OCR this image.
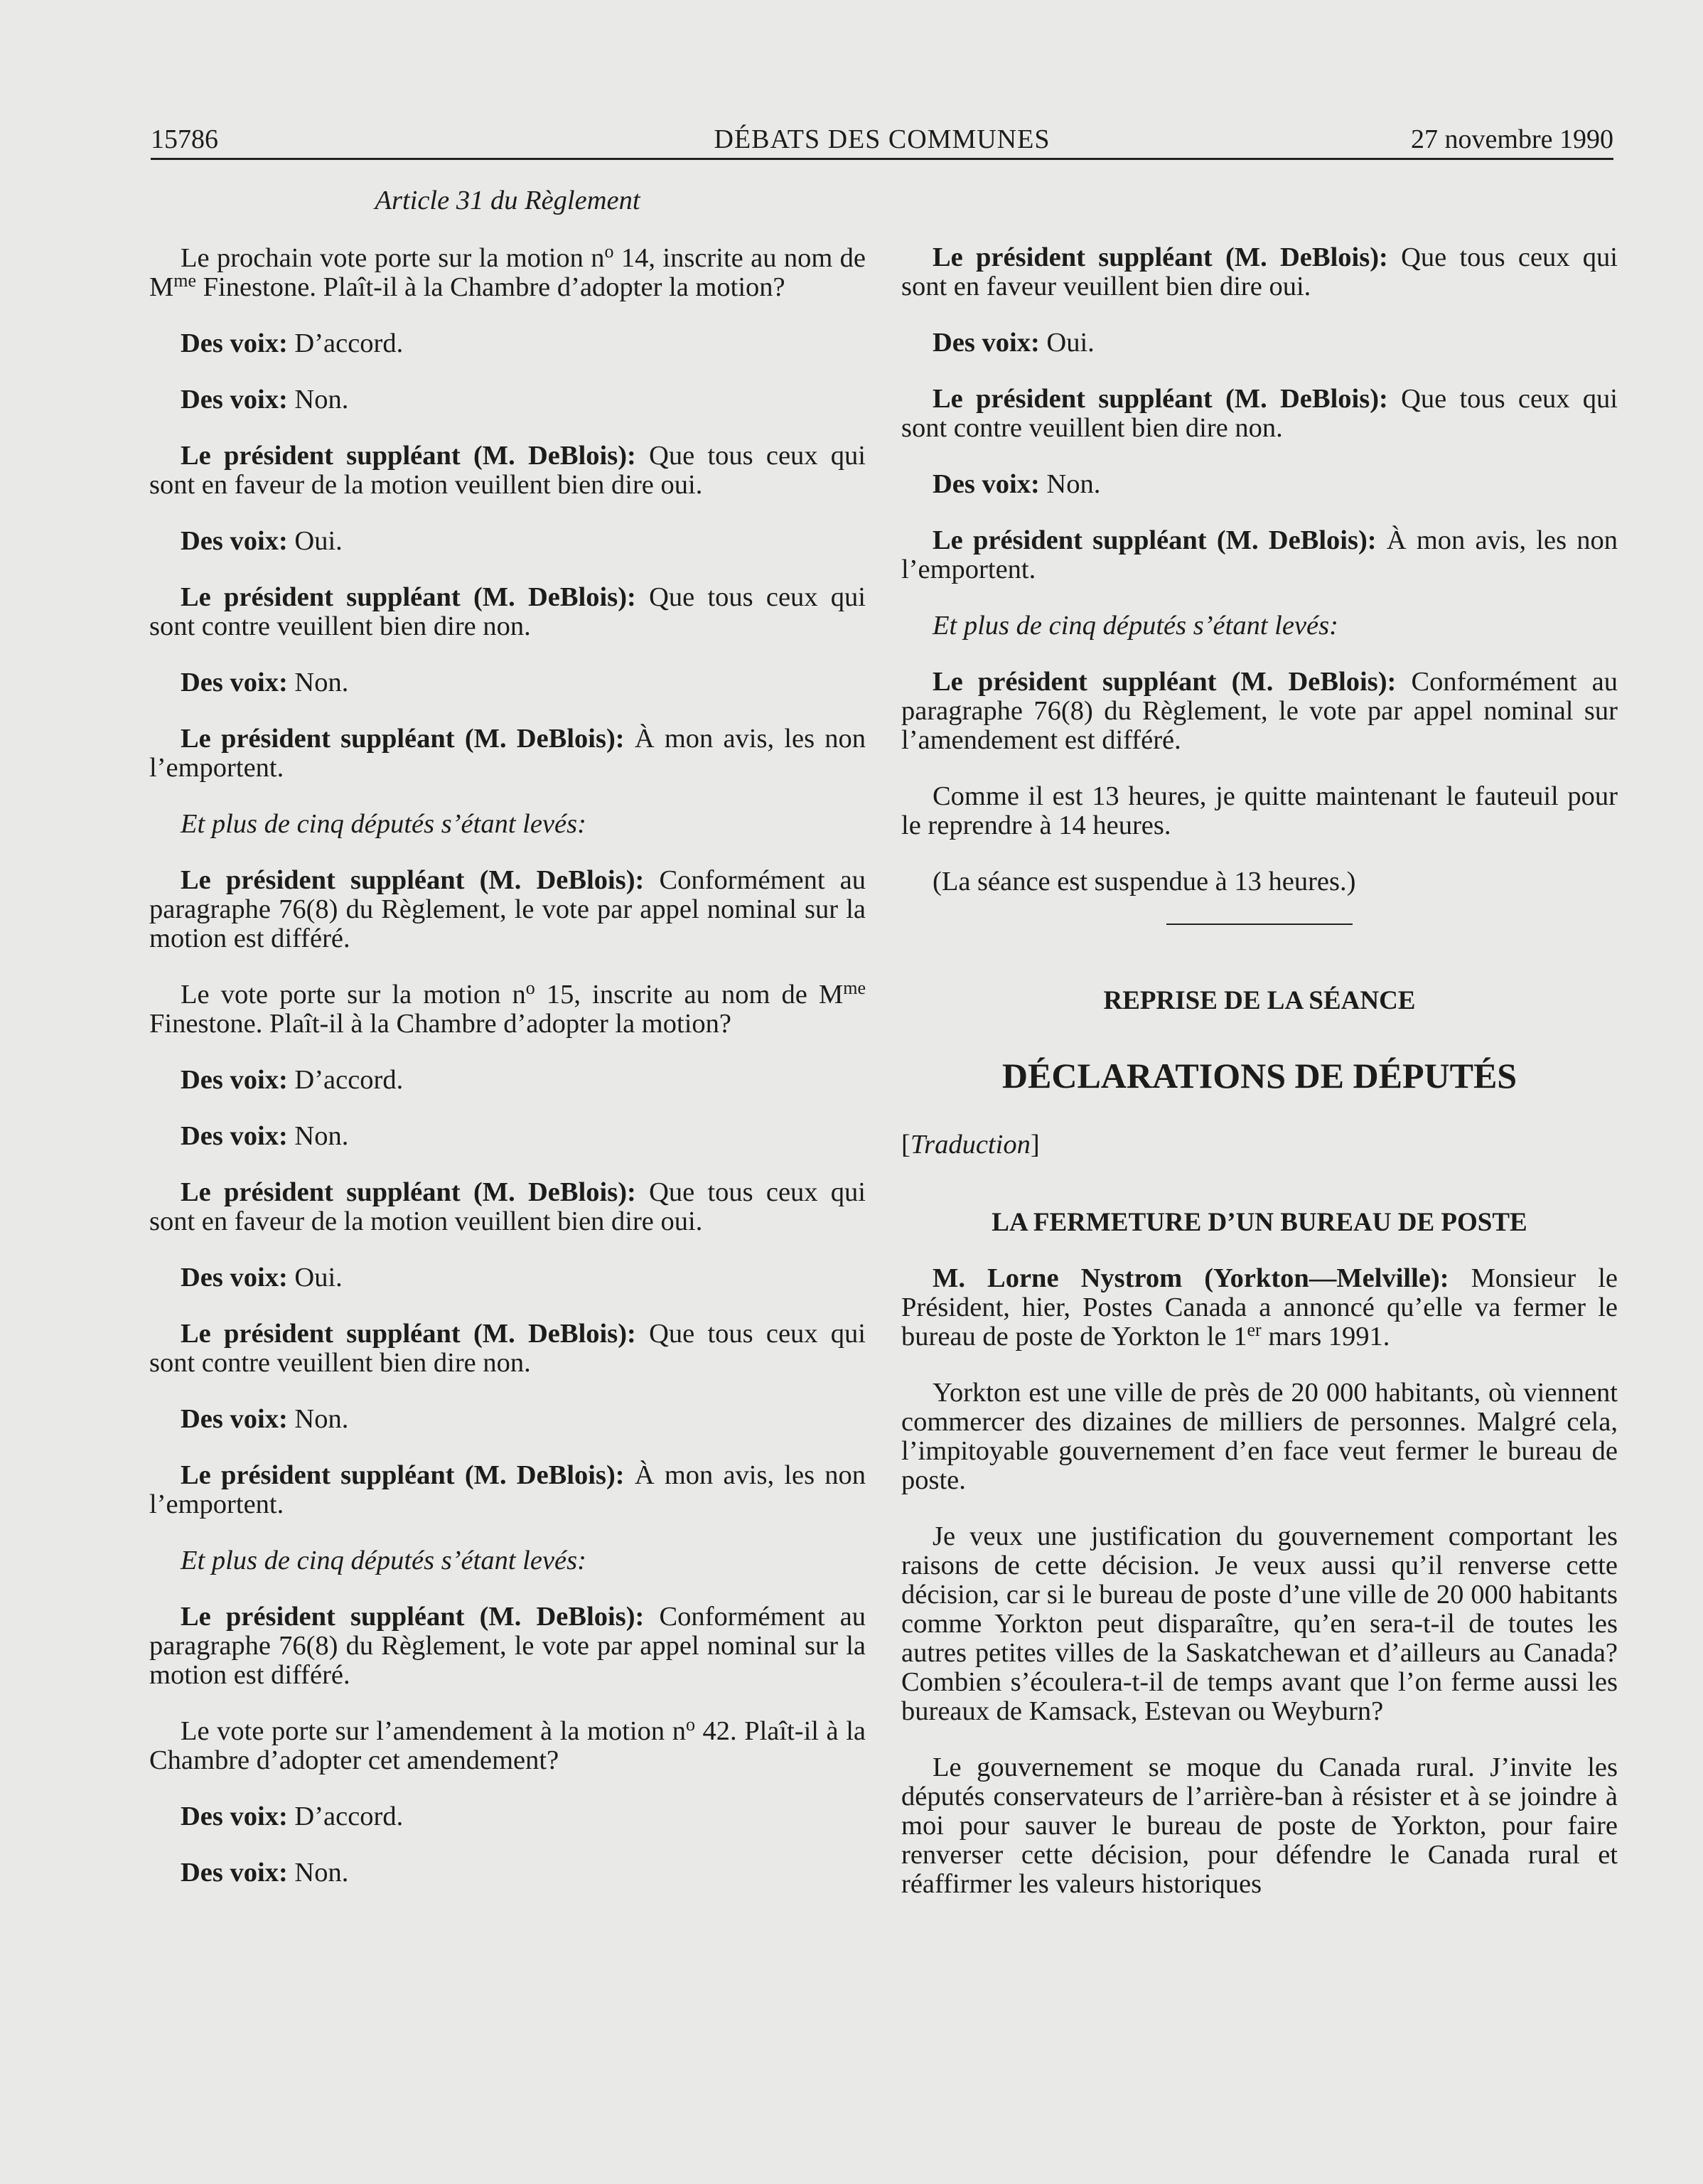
15786	DÉBATS DES COMMUNES	27 novembre 1990

Article 31 du Règlement

Le prochain vote porte sur la motion $n^o$ 14, inscrite au nom de $M^{me}$ Finestone. Plaît-il à la Chambre d’adopter la motion?

Des voix: D’accord.

Des voix: Non.

Le président suppléant (M. DeBlois): Que tous ceux qui sont en faveur de la motion veuillent bien dire oui.

Des voix: Oui.

Le président suppléant (M. DeBlois): Que tous ceux qui sont contre veuillent bien dire non.

Des voix: Non.

Le président suppléant (M. DeBlois): À mon avis, les non l’emportent.

Et plus de cinq députés s’étant levés:

Le président suppléant (M. DeBlois): Conformément au paragraphe 76(8) du Règlement, le vote par appel nominal sur la motion est différé.

Le vote porte sur la motion $n^o$ 15, inscrite au nom de $M^{me}$ Finestone. Plaît-il à la Chambre d’adopter la motion?

Des voix: D’accord.

Des voix: Non.

Le président suppléant (M. DeBlois): Que tous ceux qui sont en faveur de la motion veuillent bien dire oui.

Des voix: Oui.

Le président suppléant (M. DeBlois): Que tous ceux qui sont contre veuillent bien dire non.

Des voix: Non.

Le président suppléant (M. DeBlois): À mon avis, les non l’emportent.

Et plus de cinq députés s’étant levés:

Le président suppléant (M. DeBlois): Conformément au paragraphe 76(8) du Règlement, le vote par appel nominal sur la motion est différé.

Le vote porte sur l’amendement à la motion $n^o$ 42. Plaît-il à la Chambre d’adopter cet amendement?

Des voix: D’accord.

Des voix: Non.

Le président suppléant (M. DeBlois): Que tous ceux qui sont en faveur veuillent bien dire oui.

Des voix: Oui.

Le président suppléant (M. DeBlois): Que tous ceux qui sont contre veuillent bien dire non.

Des voix: Non.

Le président suppléant (M. DeBlois): À mon avis, les non l’emportent.

Et plus de cinq députés s’étant levés:

Le président suppléant (M. DeBlois): Conformément au paragraphe 76(8) du Règlement, le vote par appel nominal sur l’amendement est différé.

Comme il est 13 heures, je quitte maintenant le fauteuil pour le reprendre à 14 heures.

(La séance est suspendue à 13 heures.)

REPRISE DE LA SÉANCE

DÉCLARATIONS DE DÉPUTÉS

[Traduction]

LA FERMETURE D’UN BUREAU DE POSTE

M. Lorne Nystrom (Yorkton—Melville): Monsieur le Président, hier, Postes Canada a annoncé qu’elle va fermer le bureau de poste de Yorkton le 1er mars 1991.

Yorkton est une ville de près de 20 000 habitants, où viennent commercer des dizaines de milliers de personnes. Malgré cela, l’impitoyable gouvernement d’en face veut fermer le bureau de poste.

Je veux une justification du gouvernement comportant les raisons de cette décision. Je veux aussi qu’il renverse cette décision, car si le bureau de poste d’une ville de 20 000 habitants comme Yorkton peut disparaître, qu’en sera-t-il de toutes les autres petites villes de la Saskatchewan et d’ailleurs au Canada? Combien s’écoulera-t-il de temps avant que l’on ferme aussi les bureaux de Kamsack, Estevan ou Weyburn?

Le gouvernement se moque du Canada rural. J’invite les députés conservateurs de l’arrière-ban à résister et à se joindre à moi pour sauver le bureau de poste de Yorkton, pour faire renverser cette décision, pour défendre le Canada rural et réaffirmer les valeurs historiques
